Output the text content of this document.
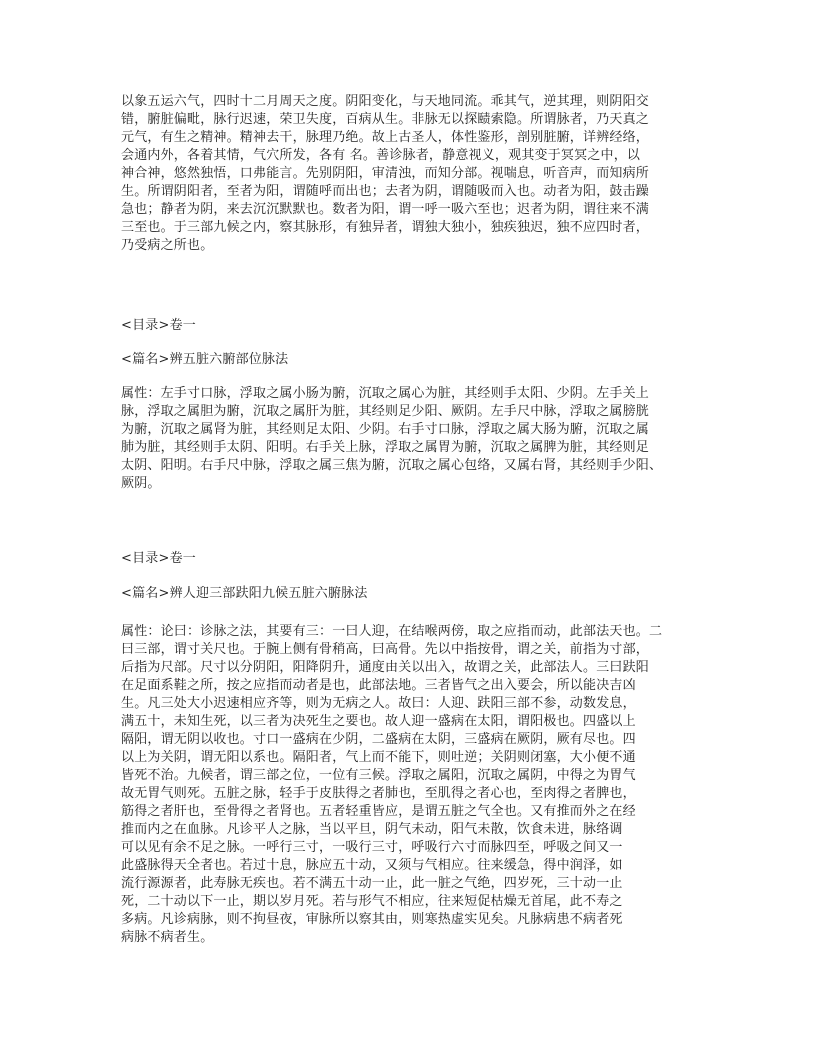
以象五运六气，四时十二月周天之度。阴阳变化，与天地同流。乖其气，逆其理，则阴阳交
错，腑脏偏毗，脉行迟速，荣卫失度，百病从生。非脉无以探赜索隐。所谓脉者，乃天真之
元气，有生之精神。精神去干，脉理乃绝。故上古圣人，体性鉴形，剖别脏腑，详辨经络，
会通内外，各着其情，气穴所发，各有 名。善诊脉者，静意视义，观其变于冥冥之中，以
神合神，悠然独悟，口弗能言。先别阴阳，审清浊，而知分部。视喘息，听音声，而知病所
生。所谓阴阳者，至者为阳，谓随呼而出也；去者为阴，谓随吸而入也。动者为阳，鼓击躁
急也；静者为阴，来去沉沉默默也。数者为阳，谓一呼一吸六至也；迟者为阴，谓往来不满
三至也。于三部九候之内，察其脉形，有独异者，谓独大独小，独疾独迟，独不应四时者，
乃受病之所也。
<目录>卷一
<篇名>辨五脏六腑部位脉法
属性：左手寸口脉，浮取之属小肠为腑，沉取之属心为脏，其经则手太阳、少阴。左手关上
脉，浮取之属胆为腑，沉取之属肝为脏，其经则足少阳、厥阴。左手尺中脉，浮取之属膀胱
为腑，沉取之属肾为脏，其经则足太阳、少阴。右手寸口脉，浮取之属大肠为腑，沉取之属
肺为脏，其经则手太阴、阳明。右手关上脉，浮取之属胃为腑，沉取之属脾为脏，其经则足
太阴、阳明。右手尺中脉，浮取之属三焦为腑，沉取之属心包络，又属右肾，其经则手少阳、
厥阴。
<目录>卷一
<篇名>辨人迎三部趺阳九候五脏六腑脉法
属性：论曰：诊脉之法，其要有三：一曰人迎，在结喉两傍，取之应指而动，此部法天也。二
曰三部，谓寸关尺也。于腕上侧有骨稍高，曰高骨。先以中指按骨，谓之关，前指为寸部，
后指为尺部。尺寸以分阴阳，阳降阴升，通度由关以出入，故谓之关，此部法人。三曰趺阳
在足面系鞋之所，按之应指而动者是也，此部法地。三者皆气之出入要会，所以能决吉凶
生。凡三处大小迟速相应齐等，则为无病之人。故曰：人迎、趺阳三部不参，动数发息，
满五十，未知生死，以三者为决死生之要也。故人迎一盛病在太阳，谓阳极也。四盛以上
隔阳，谓无阴以收也。寸口一盛病在少阴，二盛病在太阴，三盛病在厥阴，厥有尽也。四
以上为关阴，谓无阳以系也。隔阳者，气上而不能下，则吐逆；关阴则闭塞，大小便不通
皆死不治。九候者，谓三部之位，一位有三候。浮取之属阳，沉取之属阴，中得之为胃气
故无胃气则死。五脏之脉，轻手于皮肤得之者肺也，至肌得之者心也，至肉得之者脾也，
筋得之者肝也，至骨得之者肾也。五者轻重皆应，是谓五脏之气全也。又有推而外之在经
推而内之在血脉。凡诊平人之脉，当以平旦，阴气未动，阳气未散，饮食未进，脉络调
可以见有余不足之脉。一呼行三寸，一吸行三寸，呼吸行六寸而脉四至，呼吸之间又一
此盛脉得天全者也。若过十息，脉应五十动，又须与气相应。往来缓急，得中润泽，如
流行源源者，此寿脉无疾也。若不满五十动一止，此一脏之气绝，四岁死，三十动一止
死，二十动以下一止，期以岁月死。若与形气不相应，往来短促枯燥无首尾，此不寿之
多病。凡诊病脉，则不拘昼夜，审脉所以察其由，则寒热虚实见矣。凡脉病患不病者死
病脉不病者生。
